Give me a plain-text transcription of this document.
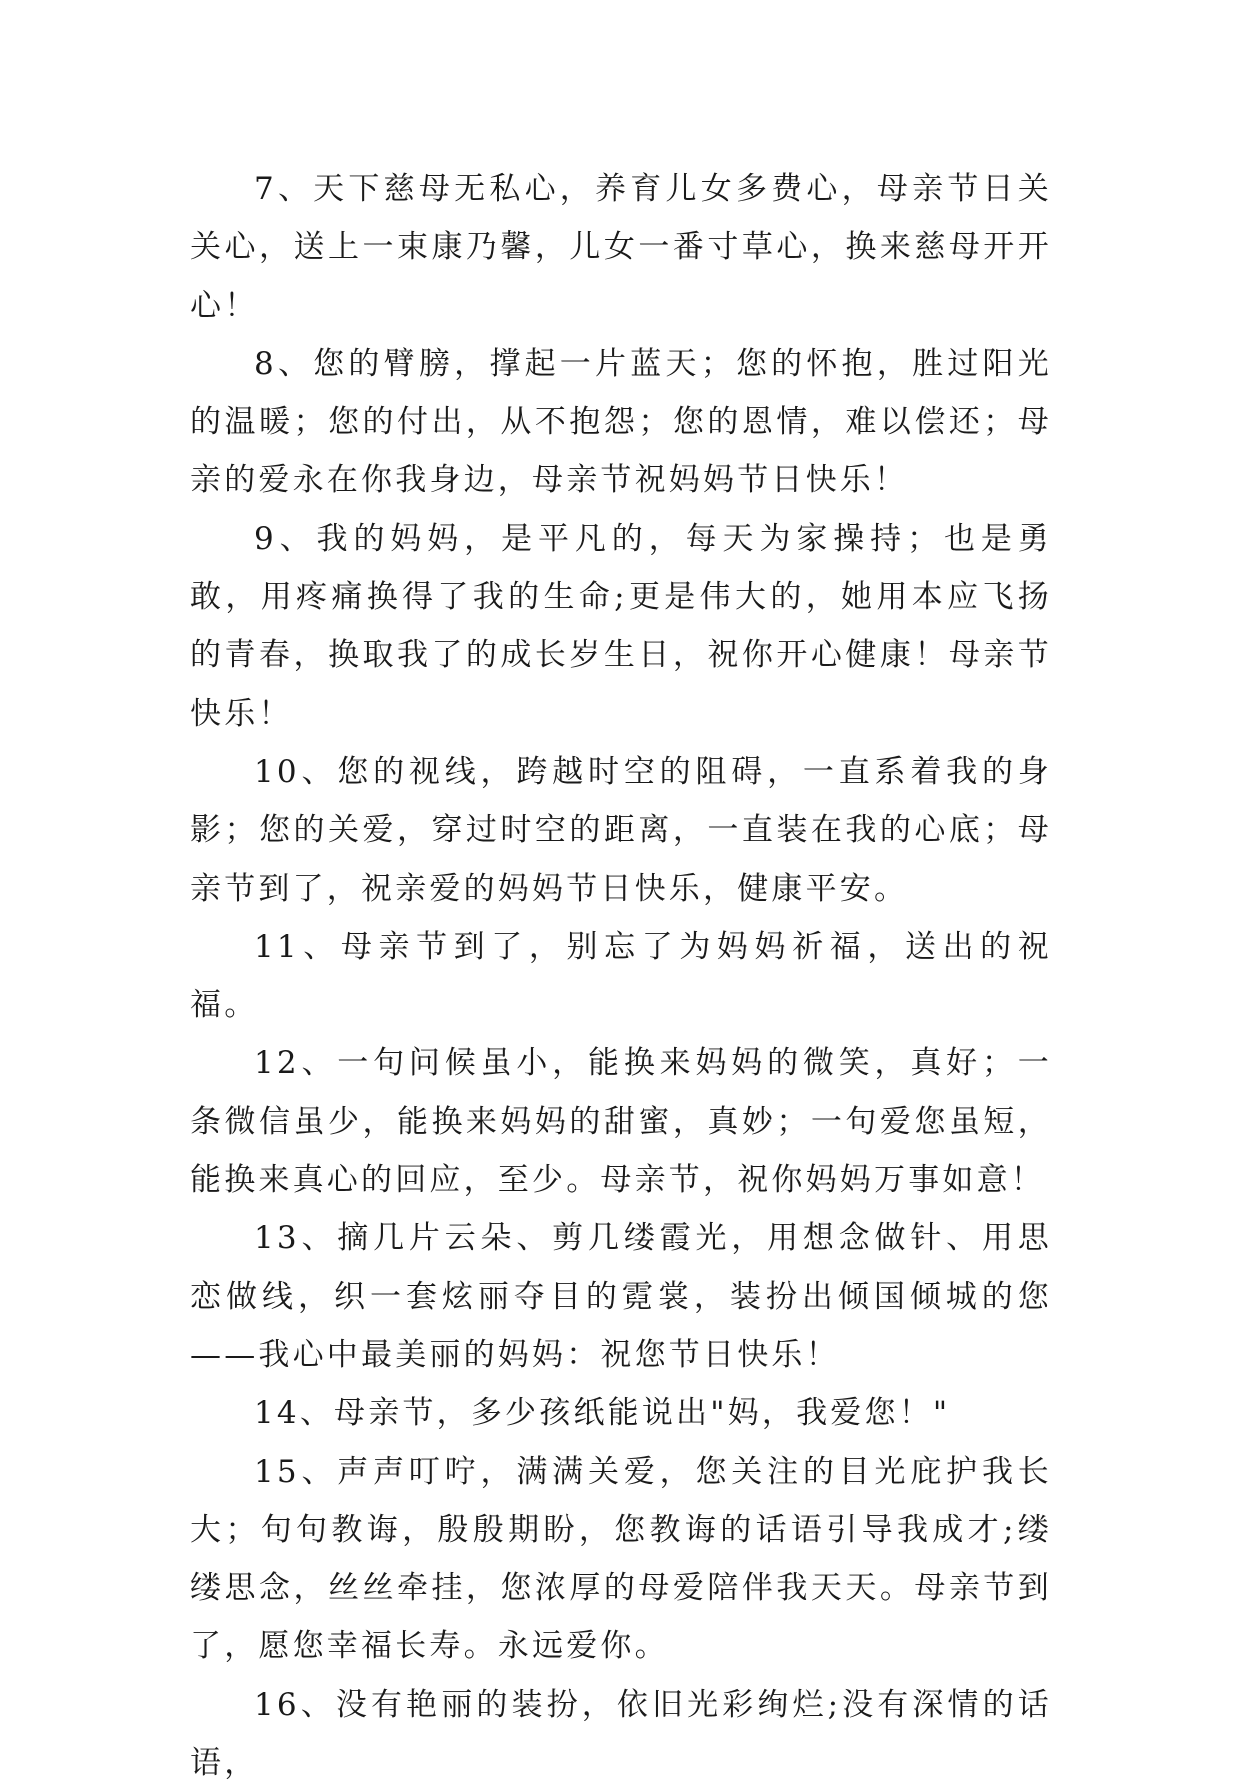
7、天下慈母无私心，养育儿女多费心，母亲节日关关心，送上一束康乃馨，儿女一番寸草心，换来慈母开开心！

8、您的臂膀，撑起一片蓝天；您的怀抱，胜过阳光的温暖；您的付出，从不抱怨；您的恩情，难以偿还；母亲的爱永在你我身边，母亲节祝妈妈节日快乐！

9、我的妈妈，是平凡的，每天为家操持；也是勇敢，用疼痛换得了我的生命;更是伟大的，她用本应飞扬的青春，换取我了的成长岁生日，祝你开心健康！母亲节快乐！

10、您的视线，跨越时空的阻碍，一直系着我的身影；您的关爱，穿过时空的距离，一直装在我的心底；母亲节到了，祝亲爱的妈妈节日快乐，健康平安。

11、母亲节到了，别忘了为妈妈祈福，送出的祝福。

12、一句问候虽小，能换来妈妈的微笑，真好；一条微信虽少，能换来妈妈的甜蜜，真妙；一句爱您虽短，能换来真心的回应，至少。母亲节，祝你妈妈万事如意！

13、摘几片云朵、剪几缕霞光，用想念做针、用思恋做线，织一套炫丽夺目的霓裳，装扮出倾国倾城的您——我心中最美丽的妈妈：祝您节日快乐！

14、母亲节，多少孩纸能说出"妈，我爱您！"

15、声声叮咛，满满关爱，您关注的目光庇护我长大；句句教诲，殷殷期盼，您教诲的话语引导我成才;缕缕思念，丝丝牵挂，您浓厚的母爱陪伴我天天。母亲节到了，愿您幸福长寿。永远爱你。

16、没有艳丽的装扮，依旧光彩绚烂;没有深情的话语，
